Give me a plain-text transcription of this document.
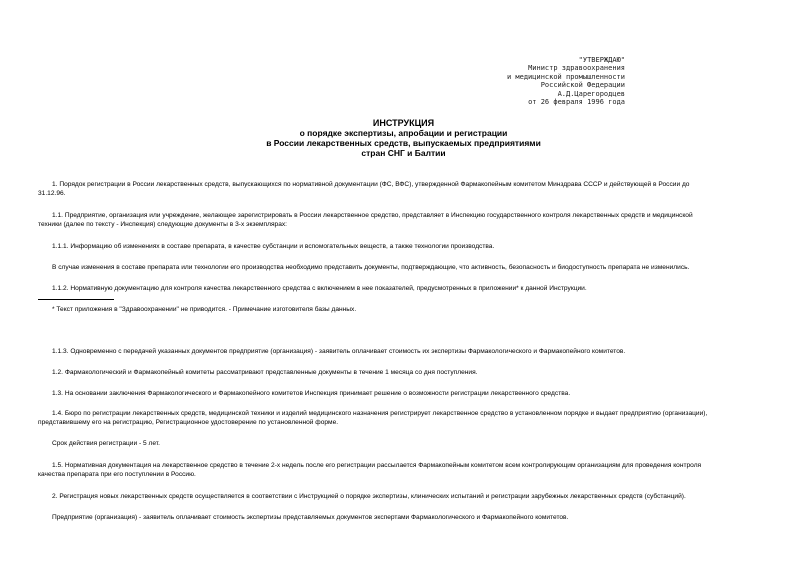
"УТВЕРЖДАЮ"
Министр здравоохранения
и медицинской промышленности
Российской Федерации
А.Д.Царегородцев
от 26 февраля 1996 года
ИНСТРУКЦИЯ
о порядке экспертизы, апробации и регистрации
в России лекарственных средств, выпускаемых предприятиями
стран СНГ и Балтии
1. Порядок регистрации в России лекарственных средств, выпускающихся по нормативной документации (ФС, ВФС), утвержденной Фармакопейным комитетом Минздрава СССР и действующей в России до
31.12.96.
1.1. Предприятие, организация или учреждение, желающее зарегистрировать в России лекарственное средство, представляет в Инспекцию государственного контроля лекарственных средств и медицинской
техники (далее по тексту - Инспекция) следующие документы в 3-х экземплярах:
1.1.1. Информацию об изменениях в составе препарата, в качестве субстанции и вспомогательных веществ, а также технологии производства.
В случае изменения в составе препарата или технологии его производства необходимо представить документы, подтверждающие, что активность, безопасность и биодоступность препарата не изменились.
1.1.2. Нормативную документацию для контроля качества лекарственного средства с включением в нее показателей, предусмотренных в приложении* к данной Инструкции.
* Текст приложения в "Здравоохранении" не приводится. - Примечание изготовителя базы данных.
1.1.3. Одновременно с передачей указанных документов предприятие (организация) - заявитель оплачивает стоимость их экспертизы Фармакологического и Фармакопейного комитетов.
1.2. Фармакологический и Фармакопейный комитеты рассматривают представленные документы в течение 1 месяца со дня поступления.
1.3. На основании заключения Фармакологического и Фармакопейного комитетов Инспекция принимает решение о возможности регистрации лекарственного средства.
1.4. Бюро по регистрации лекарственных средств, медицинской техники и изделий медицинского назначения регистрирует лекарственное средство в установленном порядке и выдает предприятию (организации),
представившему его на регистрацию, Регистрационное удостоверение по установленной форме.
Срок действия регистрации - 5 лет.
1.5. Нормативная документация на лекарственное средство в течение 2-х недель после его регистрации рассылается Фармакопейным комитетом всем контролирующим организациям для проведения контроля
качества препарата при его поступлении в Россию.
2. Регистрация новых лекарственных средств осуществляется в соответствии с Инструкцией о порядке экспертизы, клинических испытаний и регистрации зарубежных лекарственных средств (субстанций).
Предприятие (организация) - заявитель оплачивает стоимость экспертизы представляемых документов экспертами Фармакологического и Фармакопейного комитетов.
